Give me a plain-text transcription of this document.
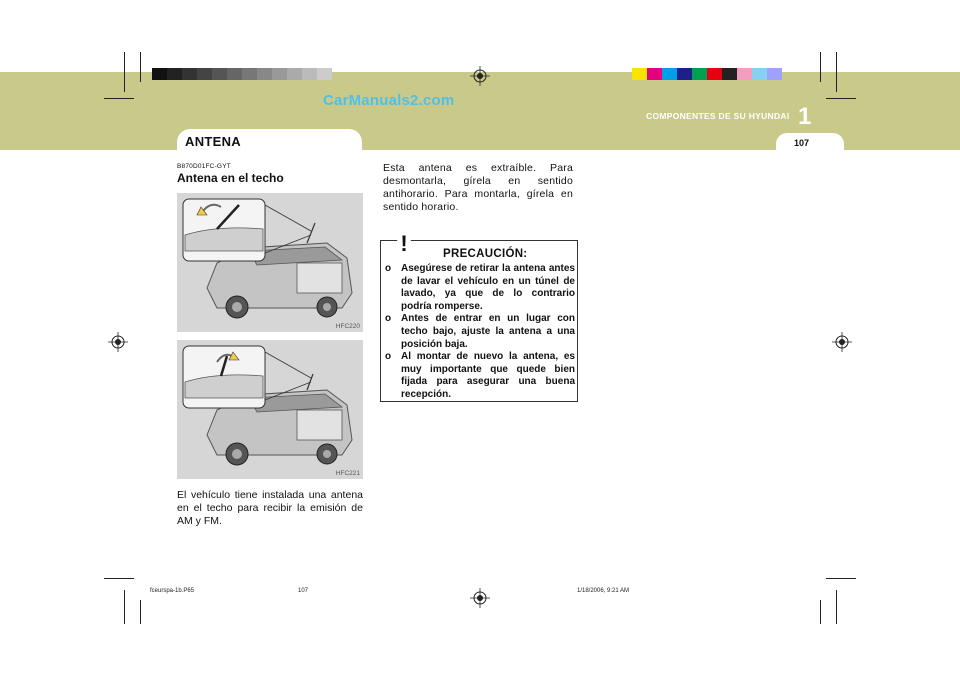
CarManuals2.com
COMPONENTES DE SU HYUNDAI 1
107
ANTENA
B870D01FC-GYT
Antena en el techo
HFC220
HFC221
El vehículo tiene instalada una antena en el techo para recibir la emisión de AM y FM.
Esta antena es extraíble. Para desmontarla, gírela en sentido antihorario. Para montarla, gírela en sentido horario.
!	PRECAUCIÓN:
o Asegúrese de retirar la antena antes de lavar el vehículo en un túnel de lavado, ya que de lo contrario podría romperse.
o Antes de entrar en un lugar con techo bajo, ajuste la antena a una posición baja.
o Al montar de nuevo la antena, es muy importante que quede bien fijada para asegurar una buena recepción.
fceurspa-1b.P65	107	1/18/2006, 9:21 AM
